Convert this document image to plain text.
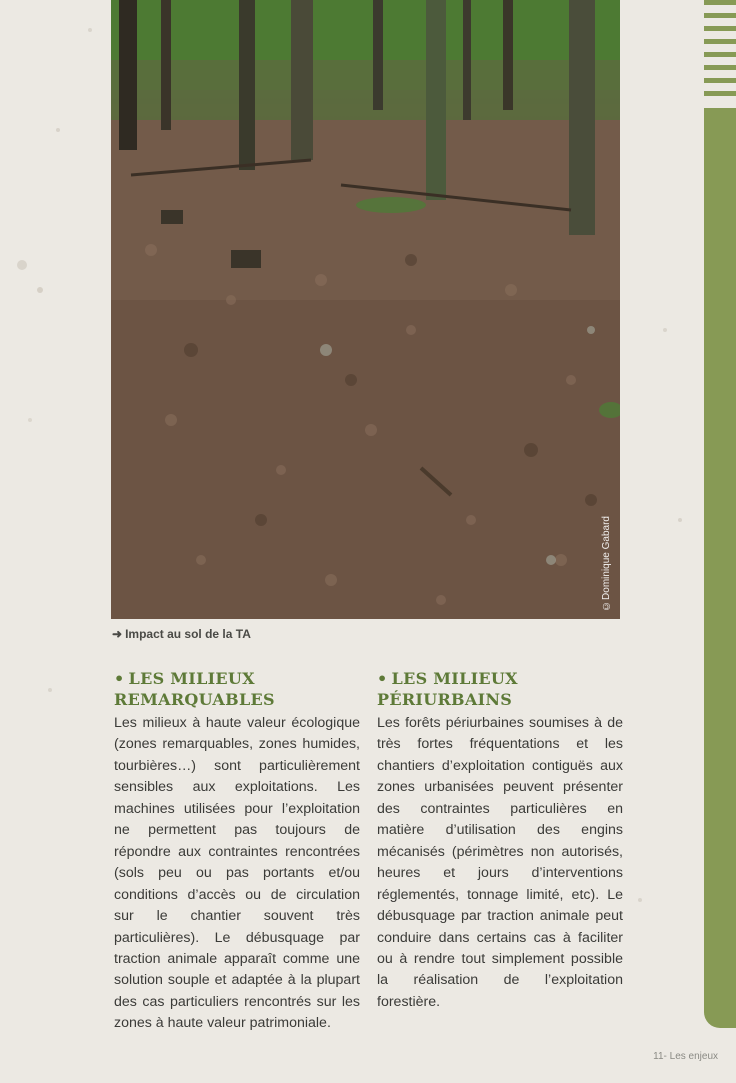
©Dominique Gabard
➜ Impact au sol de la TA
• LES MILIEUX REMARQUABLES

Les milieux à haute valeur écologique (zones remarquables, zones humides, tourbières…) sont particulièrement sensibles aux exploitations. Les machines utilisées pour l’exploitation ne permettent pas toujours de répondre aux contraintes rencontrées (sols peu ou pas portants et/ou conditions d’accès ou de circulation sur le chantier souvent très particulières). Le débusquage par traction animale apparaît comme une solution souple et adaptée à la plupart des cas particuliers rencontrés sur les zones à haute valeur patrimoniale.

• LES MILIEUX PÉRIURBAINS

Les forêts périurbaines soumises à de très fortes fréquentations et les chantiers d’exploitation contiguës aux zones urbanisées peuvent présenter des contraintes particulières en matière d’utilisation des engins mécanisés (périmètres non autorisés, heures et jours d’interventions réglementés, tonnage limité, etc). Le débusquage par traction animale peut conduire dans certains cas à faciliter ou à rendre tout simplement possible la réalisation de l’exploitation forestière.

11- Les enjeux
